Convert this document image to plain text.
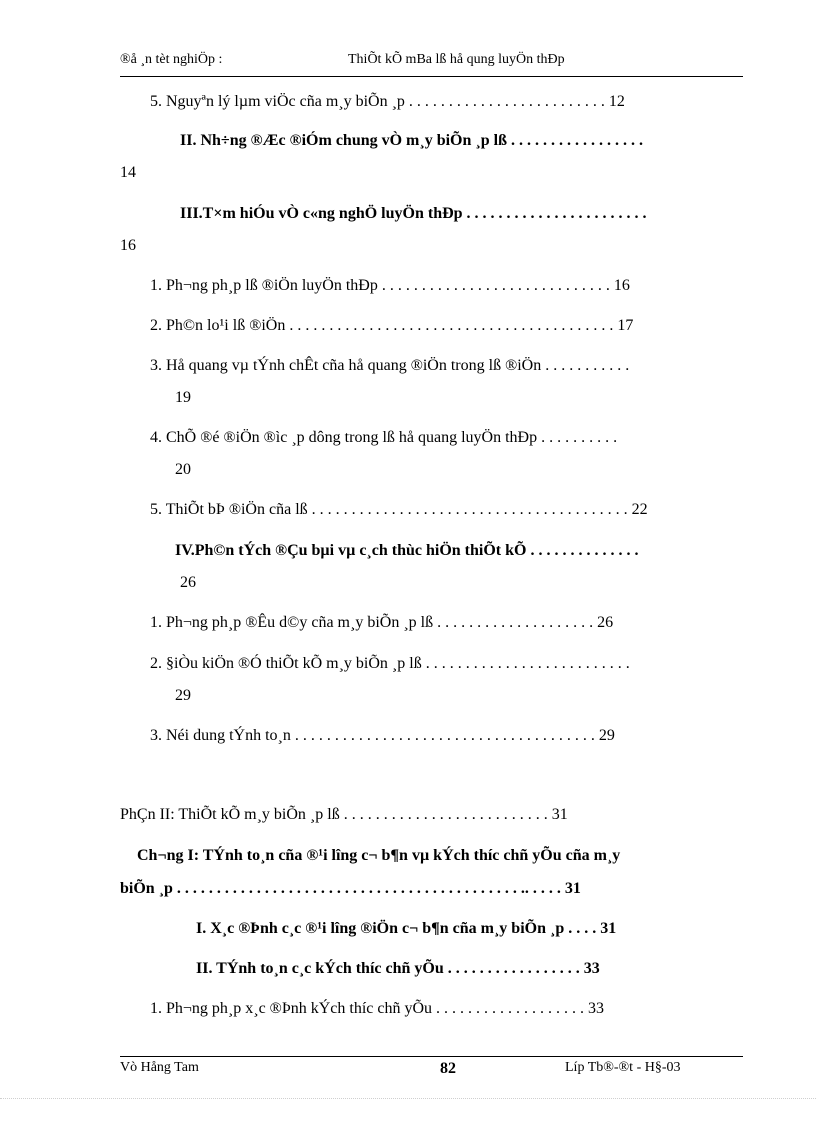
®å ¸n tèt nghiÖp :	ThiÕt kÕ mBa lß hå qung luyÖn thÐp
5. Nguyªn lý lµm viÖc cña m¸y biÕn ¸p . . . . . . . . . . . . . . . . . . . . . . . . . 12
II. Nh÷ng ®Æc ®iÓm chung vÒ m¸y biÕn ¸p lß . . . . . . . . . . . . . . . . .
14
III.T×m hiÓu vÒ c«ng nghÖ luyÖn thÐp . . . . . . . . . . . . . . . . . . . . . . .
16
1. Ph¬ng ph¸p lß ®iÖn luyÖn thÐp . . . . . . . . . . . . . . . . . . . . . . . . . . . . . 16
2. Ph©n lo¹i lß ®iÖn . . . . . . . . . . . . . . . . . . . . . . . . . . . . . . . . . . . . . . . . . 17
3. Hå quang vµ tÝnh chÊt cña hå quang ®iÖn trong lß ®iÖn . . . . . . . . . . .
19
4. ChÕ ®é ®iÖn ®ìc ¸p dông trong lß hå quang luyÖn thÐp . . . . . . . . . .
20
5. ThiÕt bÞ ®iÖn cña lß . . . . . . . . . . . . . . . . . . . . . . . . . . . . . . . . . . . . . . . . 22
IV.Ph©n tÝch ®Çu bµi vµ c¸ch thùc hiÖn thiÕt kÕ . . . . . . . . . . . . . .
26
1. Ph¬ng ph¸p ®Êu d©y cña m¸y biÕn ¸p lß . . . . . . . . . . . . . . . . . . . . 26
2. §iÒu kiÖn ®Ó thiÕt kÕ m¸y biÕn ¸p lß . . . . . . . . . . . . . . . . . . . . . . . . . .
29
3. Néi dung tÝnh to¸n . . . . . . . . . . . . . . . . . . . . . . . . . . . . . . . . . . . . . . 29
PhÇn II: ThiÕt kÕ m¸y biÕn ¸p lß . . . . . . . . . . . . . . . . . . . . . . . . . . 31
Ch¬ng I: TÝnh to¸n cña ®¹i lîng c¬ b¶n vµ kÝch thíc chñ yÕu cña m¸y
biÕn ¸p . . . . . . . . . . . . . . . . . . . . . . . . . . . . . . . . . . . . . . . . . . . .. . . . . 31
I. X¸c ®Þnh c¸c ®¹i lîng ®iÖn c¬ b¶n cña m¸y biÕn ¸p . . . . 31
II. TÝnh to¸n c¸c kÝch thíc chñ yÕu . . . . . . . . . . . . . . . . . 33
1. Ph¬ng ph¸p x¸c ®Þnh kÝch thíc chñ yÕu . . . . . . . . . . . . . . . . . . . 33
Vò Hång Tam	82	Líp Tb®-®t - H§-03
